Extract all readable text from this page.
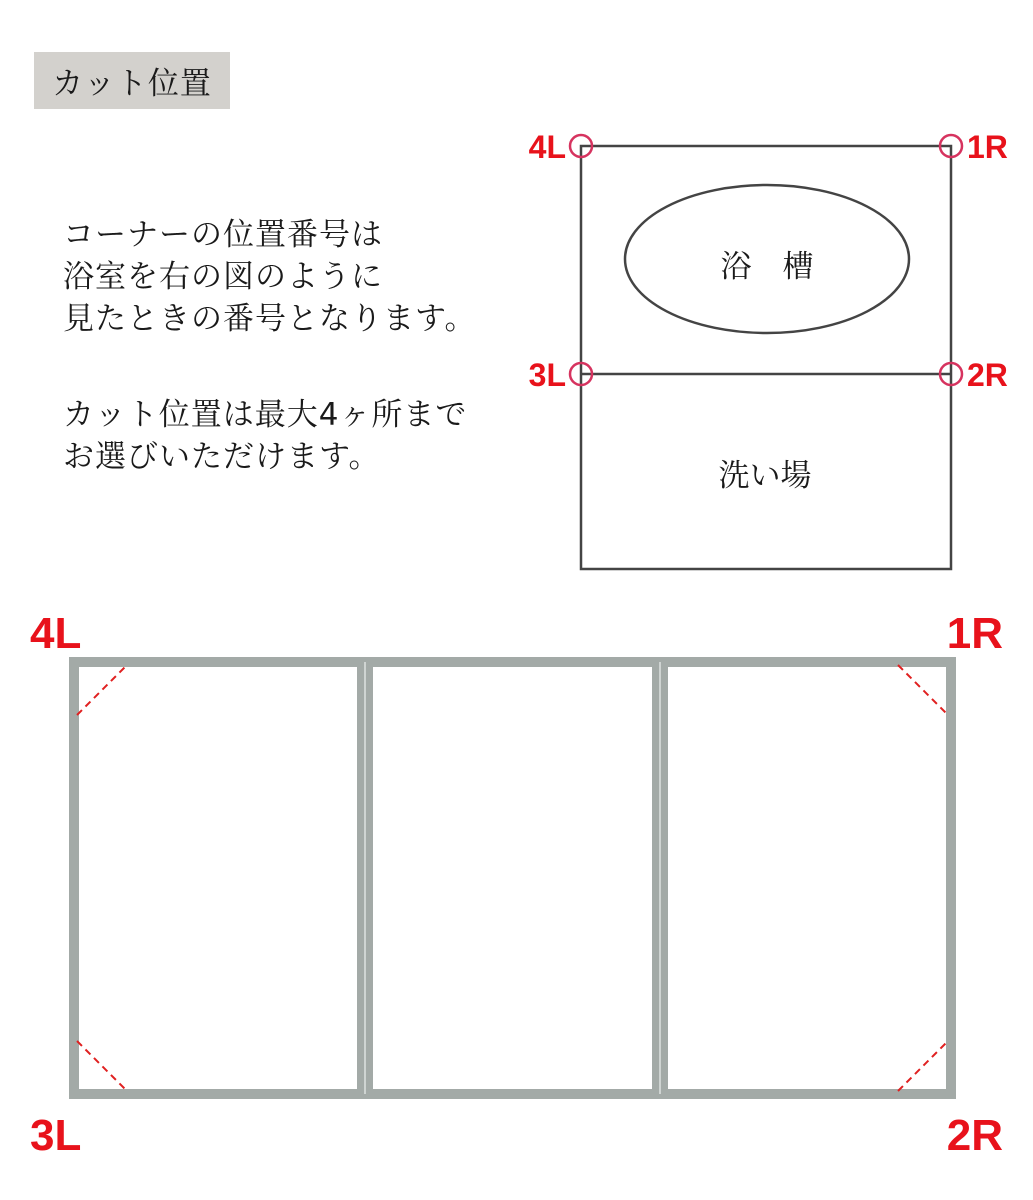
カット位置

コーナーの位置番号は

浴室を右の図のように

見たときの番号となります。

カット位置は最大4ヶ所まで

お選びいただけます。

浴　槽
洗い場
4L	1R
3L	2R
4L	1R
3L	2R
